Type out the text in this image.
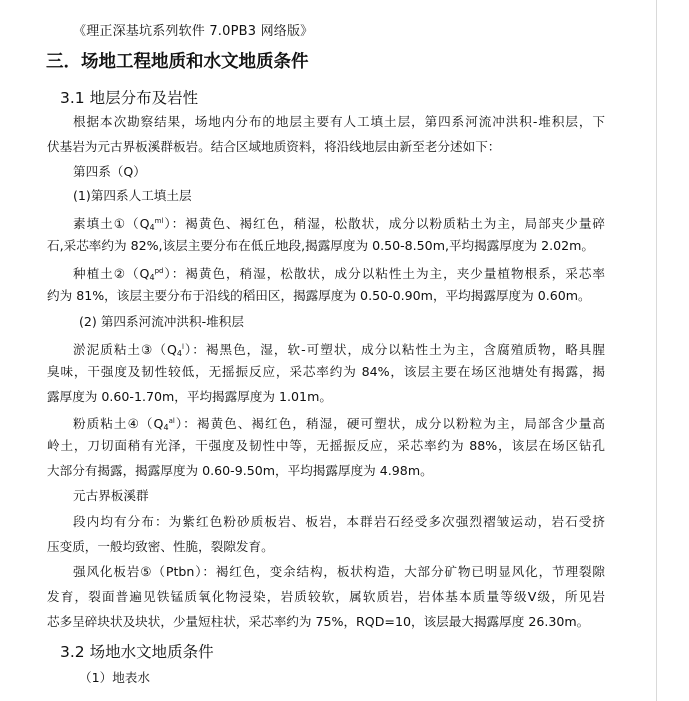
《理正深基坑系列软件 7.0PB3 网络版》
三．场地工程地质和水文地质条件
3.1 地层分布及岩性
根据本次勘察结果，场地内分布的地层主要有人工填土层，第四系河流冲洪积-堆积层，下
伏基岩为元古界板溪群板岩。结合区域地质资料，将沿线地层由新至老分述如下：
第四系（Q）
(1)第四系人工填土层
素填土$①(Q_4^{ml})$：褐黄色、褐红色，稍湿，松散状，成分以粉质粘土为主，局部夹少量碎
石,采芯率约为 82%,该层主要分布在低丘地段,揭露厚度为 0.50-8.50m,平均揭露厚度为 2.02m。
种植土$②(Q_4^{pd})$：褐黄色，稍湿，松散状，成分以粘性土为主，夹少量植物根系，采芯率
约为 81%，该层主要分布于沿线的稻田区，揭露厚度为 0.50-0.90m，平均揭露厚度为 0.60m。
(2) 第四系河流冲洪积-堆积层
淤泥质粘土$③(Q_4^l)$：褐黑色，湿，软-可塑状，成分以粘性土为主，含腐殖质物，略具腥
臭味，干强度及韧性较低，无摇振反应，采芯率约为 84%，该层主要在场区池塘处有揭露，揭
露厚度为 0.60-1.70m，平均揭露厚度为 1.01m。
粉质粘土$④(Q_4^{al})$：褐黄色、褐红色，稍湿，硬可塑状，成分以粉粒为主，局部含少量高
岭土，刀切面稍有光泽，干强度及韧性中等，无摇振反应，采芯率约为 88%，该层在场区钻孔
大部分有揭露，揭露厚度为 0.60-9.50m，平均揭露厚度为 4.98m。
元古界板溪群
段内均有分布：为紫红色粉砂质板岩、板岩，本群岩石经受多次强烈褶皱运动，岩石受挤
压变质，一般均致密、性脆，裂隙发育。
强风化板岩⑤（Ptbn）：褐红色，变余结构，板状构造，大部分矿物已明显风化，节理裂隙
发育，裂面普遍见铁锰质氧化物浸染，岩质较软，属软质岩，岩体基本质量等级Ⅴ级，所见岩
芯多呈碎块状及块状，少量短柱状，采芯率约为 75%，RQD=10，该层最大揭露厚度 26.30m。
3.2 场地水文地质条件
（1）地表水
